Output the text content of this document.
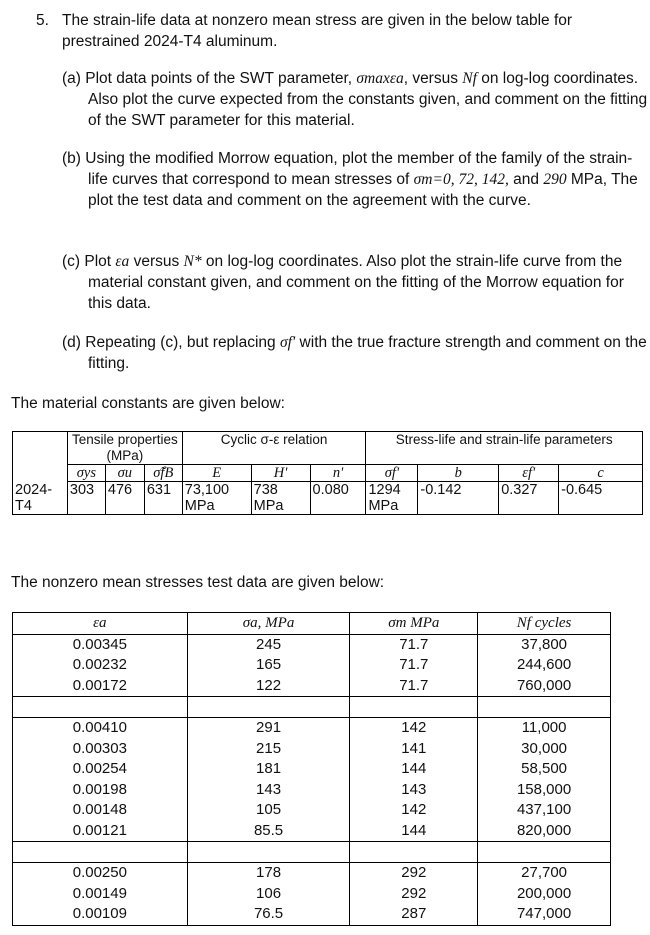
5. The strain-life data at nonzero mean stress are given in the below table for prestrained 2024-T4 aluminum.
(a) Plot data points of the SWT parameter, σmaxεa, versus Nf on log-log coordinates. Also plot the curve expected from the constants given, and comment on the fitting of the SWT parameter for this material.
(b) Using the modified Morrow equation, plot the member of the family of the strain-life curves that correspond to mean stresses of σm=0, 72, 142, and 290 MPa, The plot the test data and comment on the agreement with the curve.
(c) Plot εa versus N* on log-log coordinates. Also plot the strain-life curve from the material constant given, and comment on the fitting of the Morrow equation for this data.
(d) Repeating (c), but replacing σf' with the true fracture strength and comment on the fitting.
The material constants are given below:
	Tensile properties (MPa)			Cyclic σ-ε relation			Stress-life and strain-life parameters			
	σys	σu	σ̃fB	E	H'	n'	σf'	b	εf'	c
2024-T4	303	476	631	73,100 MPa	738 MPa	0.080	1294 MPa	-0.142	0.327	-0.645
The nonzero mean stresses test data are given below:
εa	σa, MPa	σm MPa	Nf cycles
0.00345	245	71.7	37,800
0.00232	165	71.7	244,600
0.00172	122	71.7	760,000

0.00410	291	142	11,000
0.00303	215	141	30,000
0.00254	181	144	58,500
0.00198	143	143	158,000
0.00148	105	142	437,100
0.00121	85.5	144	820,000

0.00250	178	292	27,700
0.00149	106	292	200,000
0.00109	76.5	287	747,000
